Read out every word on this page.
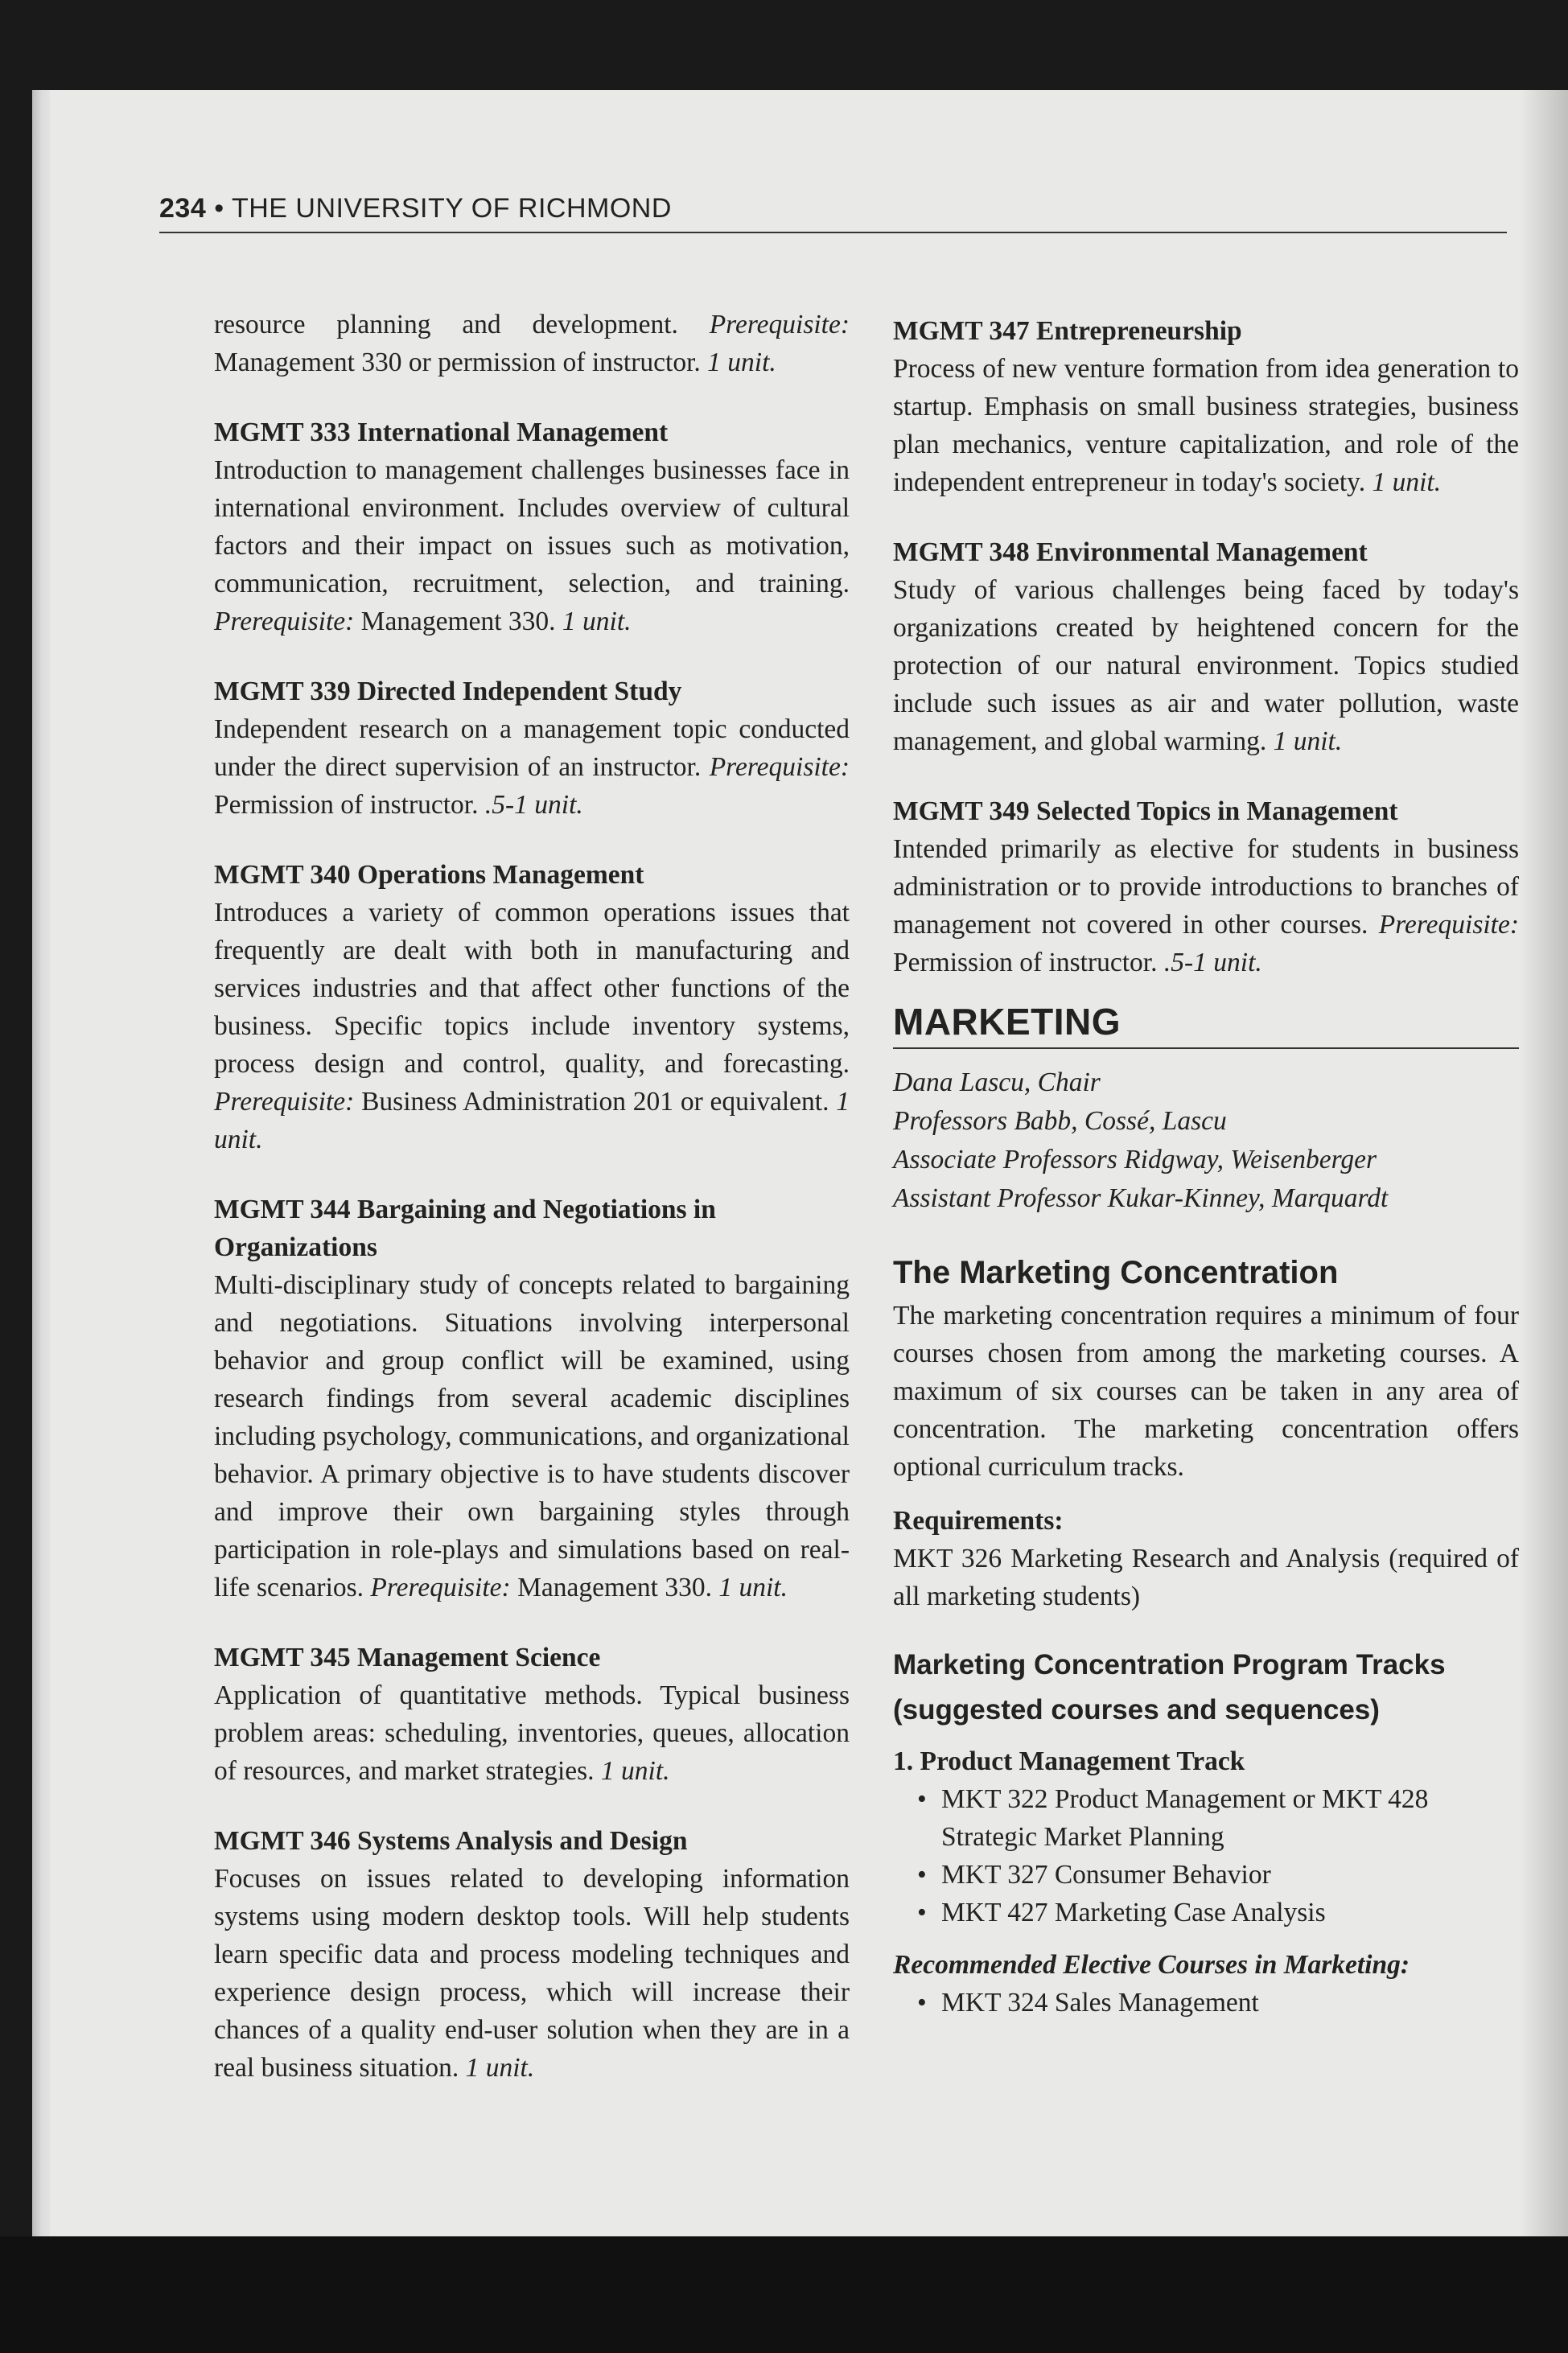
234 • THE UNIVERSITY OF RICHMOND
resource planning and development. Prerequisite: Management 330 or permission of instructor. 1 unit.
MGMT 333 International Management
Introduction to management challenges businesses face in international environment. Includes overview of cultural factors and their impact on issues such as motivation, communication, recruitment, selection, and training. Prerequisite: Management 330. 1 unit.
MGMT 339 Directed Independent Study
Independent research on a management topic conducted under the direct supervision of an instructor. Prerequisite: Permission of instructor. .5-1 unit.
MGMT 340 Operations Management
Introduces a variety of common operations issues that frequently are dealt with both in manufacturing and services industries and that affect other functions of the business. Specific topics include inventory systems, process design and control, quality, and forecasting. Prerequisite: Business Administration 201 or equivalent. 1 unit.
MGMT 344 Bargaining and Negotiations in Organizations
Multi-disciplinary study of concepts related to bargaining and negotiations. Situations involving interpersonal behavior and group conflict will be examined, using research findings from several academic disciplines including psychology, communications, and organizational behavior. A primary objective is to have students discover and improve their own bargaining styles through participation in role-plays and simulations based on real-life scenarios. Prerequisite: Management 330. 1 unit.
MGMT 345 Management Science
Application of quantitative methods. Typical business problem areas: scheduling, inventories, queues, allocation of resources, and market strategies. 1 unit.
MGMT 346 Systems Analysis and Design
Focuses on issues related to developing information systems using modern desktop tools. Will help students learn specific data and process modeling techniques and experience design process, which will increase their chances of a quality end-user solution when they are in a real business situation. 1 unit.
MGMT 347 Entrepreneurship
Process of new venture formation from idea generation to startup. Emphasis on small business strategies, business plan mechanics, venture capitalization, and role of the independent entrepreneur in today's society. 1 unit.
MGMT 348 Environmental Management
Study of various challenges being faced by today's organizations created by heightened concern for the protection of our natural environment. Topics studied include such issues as air and water pollution, waste management, and global warming. 1 unit.
MGMT 349 Selected Topics in Management
Intended primarily as elective for students in business administration or to provide introductions to branches of management not covered in other courses. Prerequisite: Permission of instructor. .5-1 unit.
MARKETING
Dana Lascu, Chair
Professors Babb, Cossé, Lascu
Associate Professors Ridgway, Weisenberger
Assistant Professor Kukar-Kinney, Marquardt
The Marketing Concentration
The marketing concentration requires a minimum of four courses chosen from among the marketing courses. A maximum of six courses can be taken in any area of concentration. The marketing concentration offers optional curriculum tracks.
Requirements:
MKT 326 Marketing Research and Analysis (required of all marketing students)
Marketing Concentration Program Tracks
(suggested courses and sequences)
1. Product Management Track
• MKT 322 Product Management or MKT 428 Strategic Market Planning
• MKT 327 Consumer Behavior
• MKT 427 Marketing Case Analysis
Recommended Elective Courses in Marketing:
• MKT 324 Sales Management
